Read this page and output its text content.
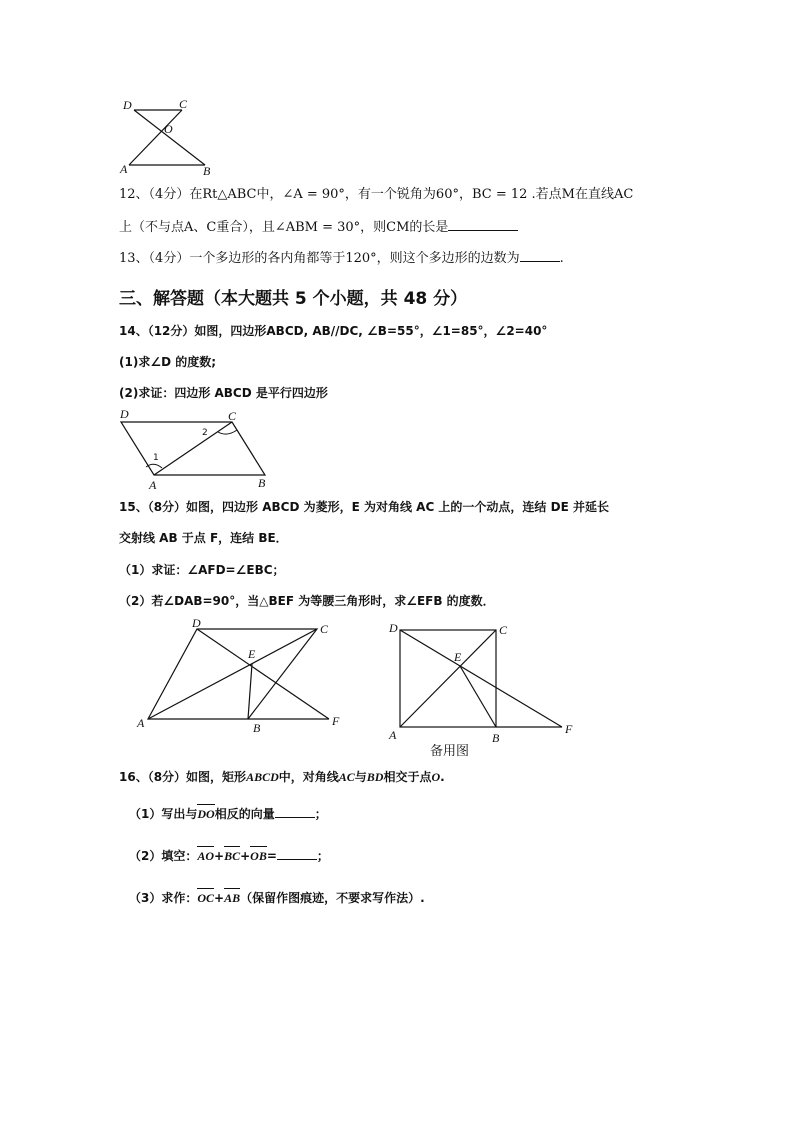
D	C
O
A	B
12、（4分）在Rt△ABC中，∠A = 90°，有一个锐角为60°，BC = 12 .若点M在直线AC
上（不与点A、C重合），且∠ABM = 30°，则CM的长是
13、（4分）一个多边形的各内角都等于120°，则这个多边形的边数为	.
三、解答题（本大题共 5 个小题，共 48 分）
14、（12分）如图，四边形ABCD, AB//DC, ∠B=55°，∠1=85°，∠2=40°
(1)求∠D 的度数;
(2)求证：四边形 ABCD 是平行四边形
D	C
A	B
1
2
15、（8分）如图，四边形 ABCD 为菱形，E 为对角线 AC 上的一个动点，连结 DE 并延长
交射线 AB 于点 F，连结 BE．
（1）求证：∠AFD=∠EBC；
（2）若∠DAB=90°，当△BEF 为等腰三角形时，求∠EFB 的度数．
D	C
E
A	B	F
D	C
E
A	B
F
备用图
16、（8分）如图，矩形ABCD中，对角线AC与BD相交于点O.
（1）写出与DO相反的向量	；
（2）填空：AO+BC+OB=	；
（3）求作：OC+AB（保留作图痕迹，不要求写作法）.
